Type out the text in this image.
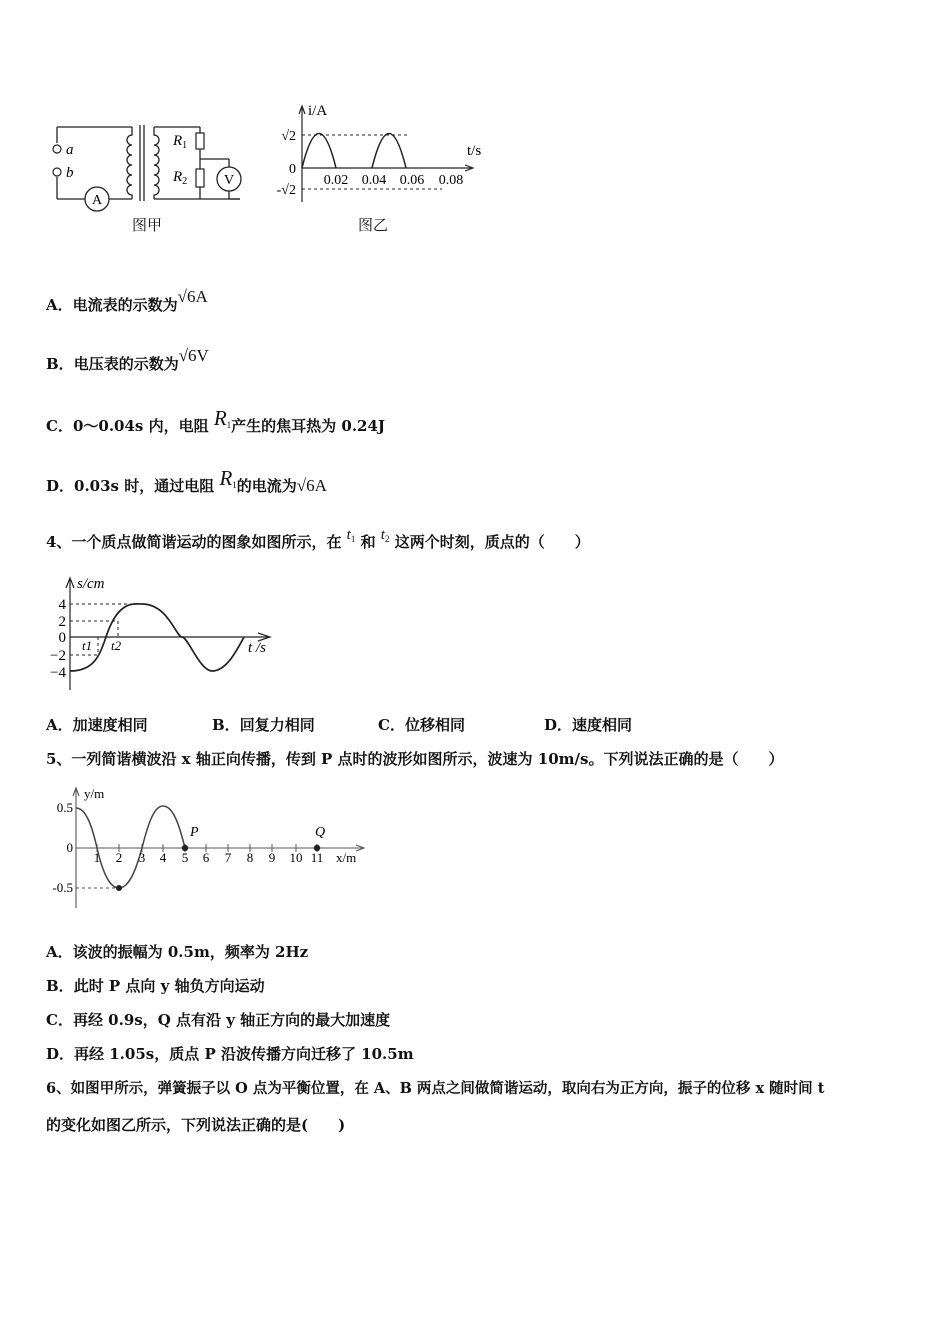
a
b
A
$R_1$
$R_2$	V
图甲
i/A
t/s
√2
0
-√2
0.02 0.04 0.06 0.08
图乙
A．电流表的示数为√6A
B．电压表的示数为√6V
C．0～0.04s 内，电阻 $R_1$产生的焦耳热为 0.24J
D．0.03s 时，通过电阻 $R_1$的电流为√6A
4、一个质点做简谐运动的图象如图所示，在 $t_1$ 和 $t_2$ 这两个时刻，质点的（　　）
s/cm
t /s
4
2
0
−2
−4
t1 t2
A．加速度相同	B．回复力相同	C．位移相同	D．速度相同
5、一列简谐横波沿 x 轴正向传播，传到 P 点时的波形如图所示，波速为 10m/s。下列说法正确的是（　　）
y/m
x/m
0.5
0
-0.5
1 2 3 4 5 6 7 8 9 10 11
P	Q
A．该波的振幅为 0.5m，频率为 2Hz
B．此时 P 点向 y 轴负方向运动
C．再经 0.9s，Q 点有沿 y 轴正方向的最大加速度
D．再经 1.05s，质点 P 沿波传播方向迁移了 10.5m
6、如图甲所示，弹簧振子以 O 点为平衡位置，在 A、B 两点之间做简谐运动，取向右为正方向，振子的位移 x 随时间 t
的变化如图乙所示，下列说法正确的是(　　)
